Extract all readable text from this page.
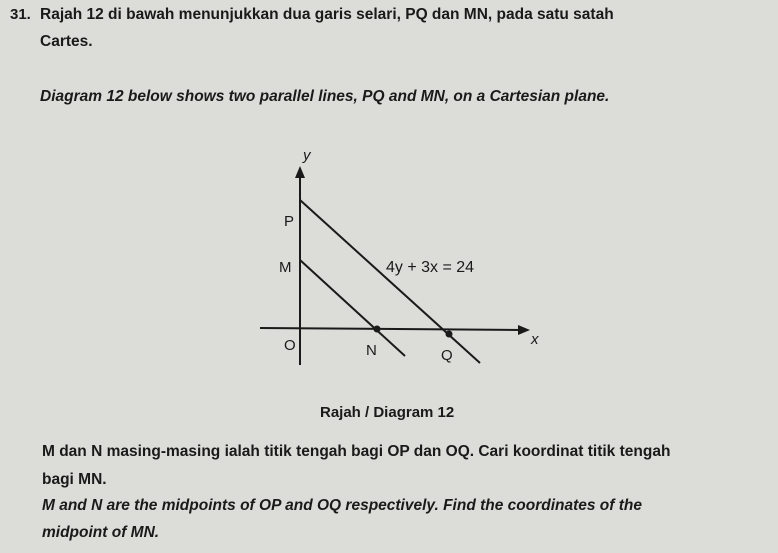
31. Rajah 12 di bawah menunjukkan dua garis selari, PQ dan MN, pada satu satah
Cartes.
Diagram 12 below shows two parallel lines, PQ and MN, on a Cartesian plane.
y
x
P
M
O	N	Q
4y + 3x = 24
Rajah / Diagram 12
M dan N masing-masing ialah titik tengah bagi OP dan OQ. Cari koordinat titik tengah
bagi MN.
M and N are the midpoints of OP and OQ respectively. Find the coordinates of the
midpoint of MN.
